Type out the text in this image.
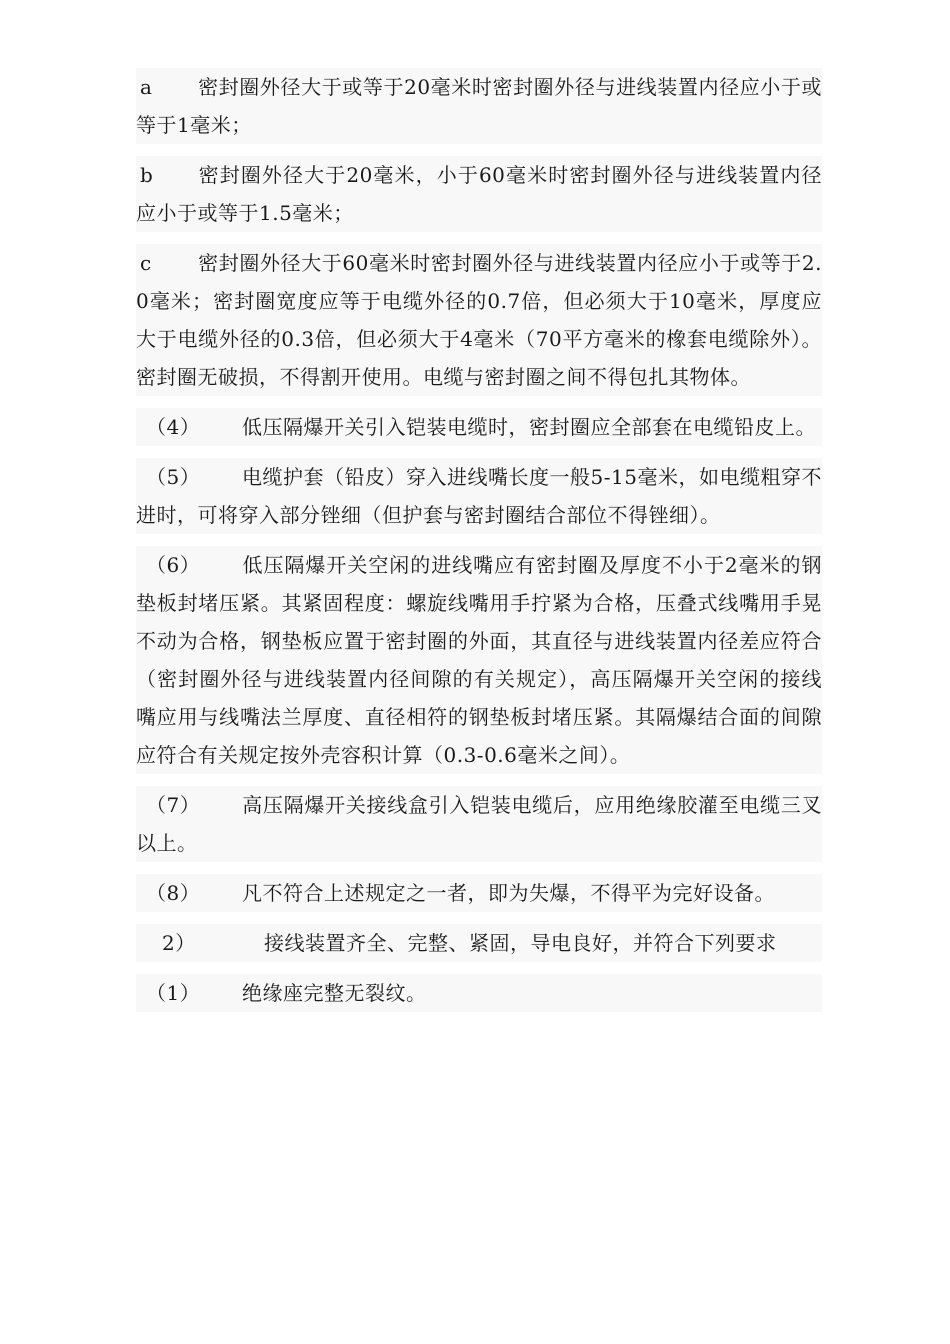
a 密封圈外径大于或等于20毫米时密封圈外径与进线装置内径应小于或等于1毫米；

b 密封圈外径大于20毫米，小于60毫米时密封圈外径与进线装置内径应小于或等于1.5毫米；

c 密封圈外径大于60毫米时密封圈外径与进线装置内径应小于或等于2.0毫米；密封圈宽度应等于电缆外径的0.7倍，但必须大于10毫米，厚度应大于电缆外径的0.3倍，但必须大于4毫米（70平方毫米的橡套电缆除外）。密封圈无破损，不得割开使用。电缆与密封圈之间不得包扎其物体。

（4） 低压隔爆开关引入铠装电缆时，密封圈应全部套在电缆铅皮上。

（5） 电缆护套（铅皮）穿入进线嘴长度一般5-15毫米，如电缆粗穿不进时，可将穿入部分锉细（但护套与密封圈结合部位不得锉细）。

（6） 低压隔爆开关空闲的进线嘴应有密封圈及厚度不小于2毫米的钢垫板封堵压紧。其紧固程度：螺旋线嘴用手拧紧为合格，压叠式线嘴用手晃不动为合格，钢垫板应置于密封圈的外面，其直径与进线装置内径差应符合（密封圈外径与进线装置内径间隙的有关规定），高压隔爆开关空闲的接线嘴应用与线嘴法兰厚度、直径相符的钢垫板封堵压紧。其隔爆结合面的间隙应符合有关规定按外壳容积计算（0.3-0.6毫米之间）。

（7） 高压隔爆开关接线盒引入铠装电缆后，应用绝缘胶灌至电缆三叉以上。

（8） 凡不符合上述规定之一者，即为失爆，不得平为完好设备。

2）	接线装置齐全、完整、紧固，导电良好，并符合下列要求

（1） 绝缘座完整无裂纹。
